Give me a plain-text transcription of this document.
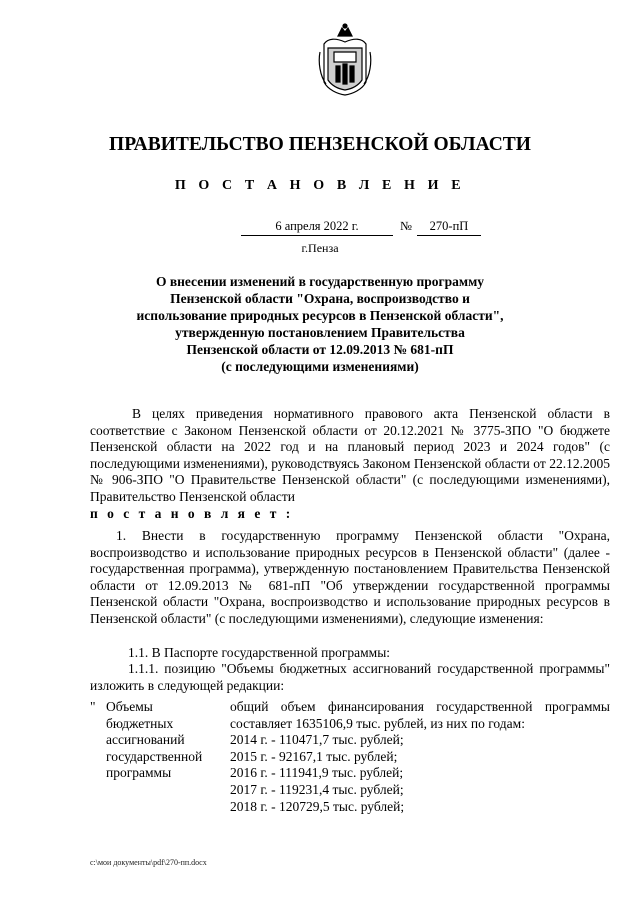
ПРАВИТЕЛЬСТВО ПЕНЗЕНСКОЙ ОБЛАСТИ
П О С Т А Н О В Л Е Н И Е
6 апреля 2022 г.	№	270-пП
г.Пенза
О внесении изменений в государственную программу
Пензенской области "Охрана, воспроизводство и
использование природных ресурсов в Пензенской области",
утвержденную постановлением Правительства
Пензенской области от 12.09.2013 № 681-пП
(с последующими изменениями)

В целях приведения нормативного правового акта Пензенской области в соответствие с Законом Пензенской области от 20.12.2021 № 3775-ЗПО "О бюджете Пензенской области на 2022 год и на плановый период 2023 и 2024 годов" (с последующими изменениями), руководствуясь Законом Пензенской области от 22.12.2005 № 906-ЗПО "О Правительстве Пензенской области" (с последующими изменениями), Правительство Пензенской области
п о с т а н о в л я е т :

1. Внести в государственную программу Пензенской области "Охрана, воспроизводство и использование природных ресурсов в Пензенской области" (далее - государственная программа), утвержденную постановлением Правительства Пензенской области от 12.09.2013 № 681-пП "Об утверждении государственной программы Пензенской области "Охрана, воспроизводство и использование природных ресурсов в Пензенской области" (с последующими изменениями), следующие изменения:

1.1. В Паспорте государственной программы:

1.1.1. позицию "Объемы бюджетных ассигнований государственной программы" изложить в следующей редакции:

" Объемы
бюджетных
ассигнований
государственной
программы

общий объем финансирования государственной программы составляет 1635106,9 тыс. рублей, из них по годам:

2014 г. - 110471,7 тыс. рублей;
2015 г. - 92167,1 тыс. рублей;
2016 г. - 111941,9 тыс. рублей;
2017 г. - 119231,4 тыс. рублей;
2018 г. - 120729,5 тыс. рублей;
c:\мои документы\pdf\270-пп.docx
